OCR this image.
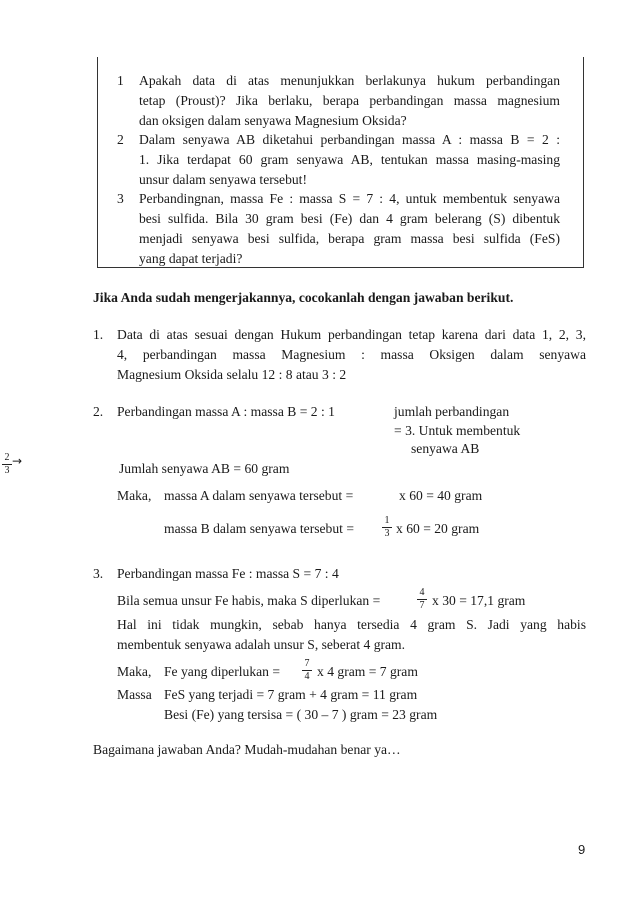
1 Apakah data di atas menunjukkan berlakunya hukum perbandingan
tetap (Proust)? Jika berlaku, berapa perbandingan massa magnesium
dan oksigen dalam senyawa Magnesium Oksida?
2 Dalam senyawa AB diketahui perbandingan massa A : massa B = 2 :
1. Jika terdapat 60 gram senyawa AB, tentukan massa masing-masing
unsur dalam senyawa tersebut!
3 Perbandingnan, massa Fe : massa S = 7 : 4, untuk membentuk senyawa
besi sulfida. Bila 30 gram besi (Fe) dan 4 gram belerang (S) dibentuk
menjadi senyawa besi sulfida, berapa gram massa besi sulfida (FeS)
yang dapat terjadi?
Jika Anda sudah mengerjakannya, cocokanlah dengan jawaban berikut.
1. Data di atas sesuai dengan Hukum perbandingan tetap karena dari data 1, 2, 3,
4, perbandingan massa Magnesium : massa Oksigen dalam senyawa
Magnesium Oksida selalu 12 : 8 atau 3 : 2
2. Perbandingan massa A : massa B = 2 : 1	jumlah perbandingan
= 3. Untuk membentuk
senyawa AB
2
3
→	Jumlah senyawa AB = 60 gram
Maka, massa A dalam senyawa tersebut =	x 60 = 40 gram
massa B dalam senyawa tersebut =
1
3 x 60 = 20 gram
3. Perbandingan massa Fe : massa S = 7 : 4
Bila semua unsur Fe habis, maka S diperlukan =
4
7 x 30 = 17,1 gram
Hal ini tidak mungkin, sebab hanya tersedia 4 gram S. Jadi yang habis
membentuk senyawa adalah unsur S, seberat 4 gram.
Maka, Fe yang diperlukan =
7
4 x 4 gram = 7 gram
Massa FeS yang terjadi = 7 gram + 4 gram = 11 gram
Besi (Fe) yang tersisa = ( 30 – 7 ) gram = 23 gram
Bagaimana jawaban Anda? Mudah-mudahan benar ya…
9
